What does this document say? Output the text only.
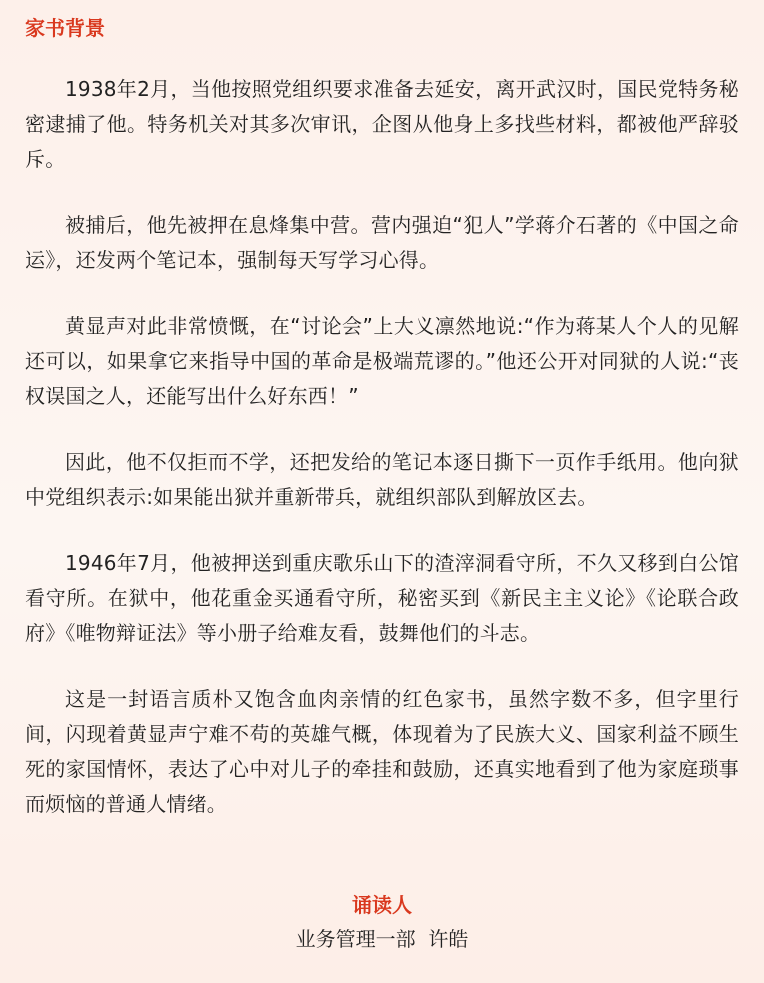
家书背景

1938年2月，当他按照党组织要求准备去延安，离开武汉时，国民党特务秘密逮捕了他。特务机关对其多次审讯，企图从他身上多找些材料，都被他严辞驳斥。

被捕后，他先被押在息烽集中营。营内强迫“犯人”学蒋介石著的《中国之命运》，还发两个笔记本，强制每天写学习心得。

黄显声对此非常愤慨，在“讨论会”上大义凛然地说:“作为蒋某人个人的见解还可以，如果拿它来指导中国的革命是极端荒谬的。”他还公开对同狱的人说:“丧权误国之人，还能写出什么好东西！”

因此，他不仅拒而不学，还把发给的笔记本逐日撕下一页作手纸用。他向狱中党组织表示:如果能出狱并重新带兵，就组织部队到解放区去。

1946年7月，他被押送到重庆歌乐山下的渣滓洞看守所，不久又移到白公馆看守所。在狱中，他花重金买通看守所，秘密买到《新民主主义论》《论联合政府》《唯物辩证法》等小册子给难友看，鼓舞他们的斗志。

这是一封语言质朴又饱含血肉亲情的红色家书，虽然字数不多，但字里行间，闪现着黄显声宁难不苟的英雄气概，体现着为了民族大义、国家利益不顾生死的家国情怀，表达了心中对儿子的牵挂和鼓励，还真实地看到了他为家庭琐事而烦恼的普通人情绪。

诵读人
业务管理一部  许皓
